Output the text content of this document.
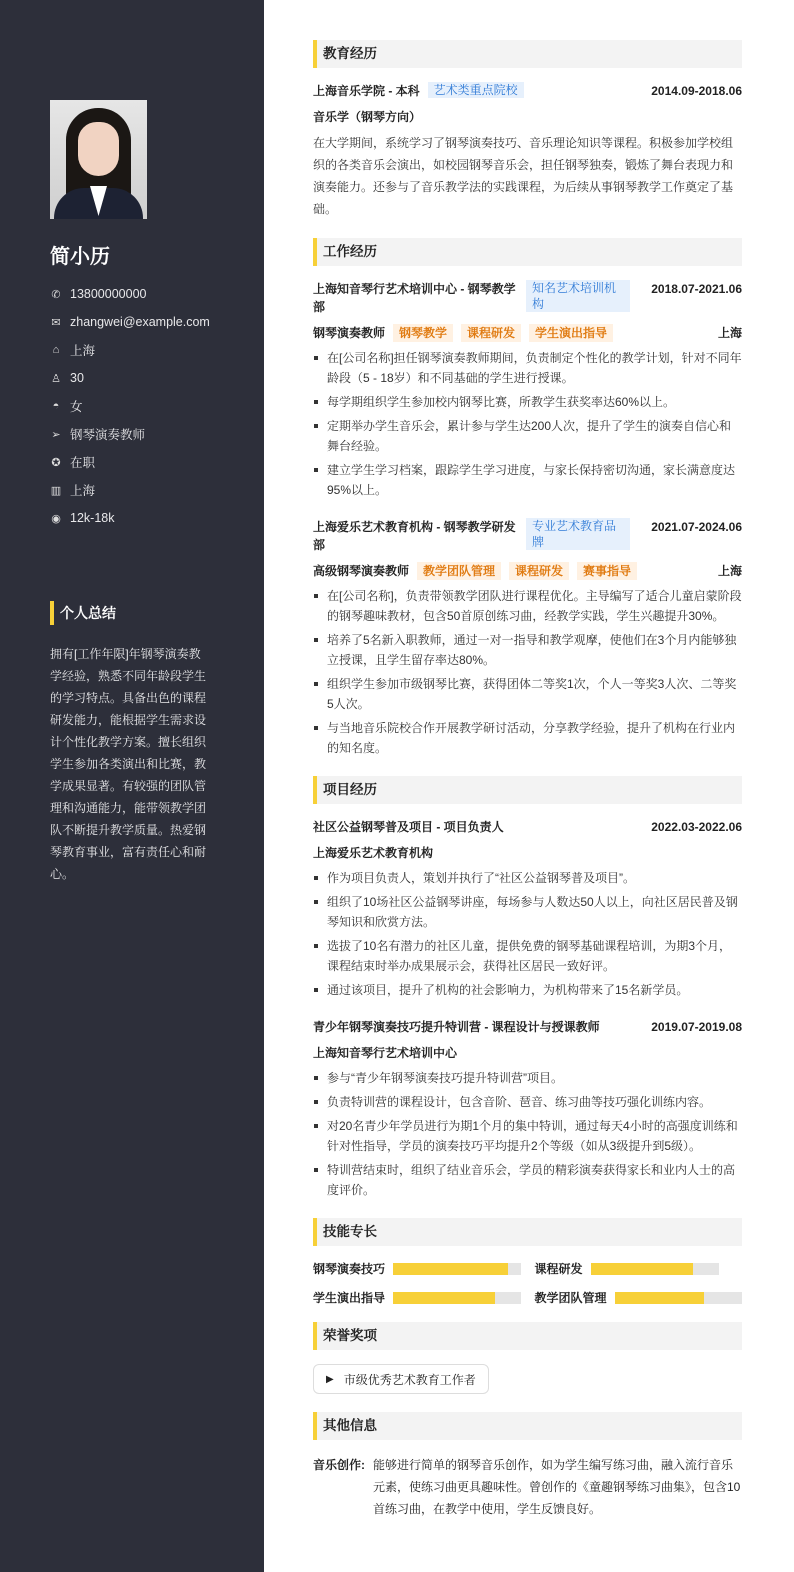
简小历
✆ 13800000000
✉ zhangwei@example.com
⌂ 上海
♙ 30
◓ 女
➢ 钢琴演奏教师
✪ 在职
▥ 上海
◉ 12k-18k
个人总结
拥有[工作年限]年钢琴演奏教学经验，熟悉不同年龄段学生的学习特点。具备出色的课程研发能力，能根据学生需求设计个性化教学方案。擅长组织学生参加各类演出和比赛，教学成果显著。有较强的团队管理和沟通能力，能带领教学团队不断提升教学质量。热爱钢琴教育事业，富有责任心和耐心。
教育经历
上海音乐学院 - 本科	艺术类重点院校	2014.09-2018.06
音乐学（钢琴方向）
在大学期间，系统学习了钢琴演奏技巧、音乐理论知识等课程。积极参加学校组织的各类音乐会演出，如校园钢琴音乐会，担任钢琴独奏，锻炼了舞台表现力和演奏能力。还参与了音乐教学法的实践课程，为后续从事钢琴教学工作奠定了基础。
工作经历
上海知音琴行艺术培训中心 - 钢琴教学部
知名艺术培训机构
2018.07-2021.06
钢琴演奏教师	钢琴教学	课程研发	学生演出指导	上海
在[公司名称]担任钢琴演奏教师期间，负责制定个性化的教学计划，针对不同年龄段（5 - 18岁）和不同基础的学生进行授课。
每学期组织学生参加校内钢琴比赛，所教学生获奖率达60%以上。
定期举办学生音乐会，累计参与学生达200人次，提升了学生的演奏自信心和舞台经验。
建立学生学习档案，跟踪学生学习进度，与家长保持密切沟通，家长满意度达95%以上。
上海爱乐艺术教育机构 - 钢琴教学研发部
专业艺术教育品牌
2021.07-2024.06
高级钢琴演奏教师	教学团队管理	课程研发	赛事指导	上海
在[公司名称]，负责带领教学团队进行课程优化。主导编写了适合儿童启蒙阶段的钢琴趣味教材，包含50首原创练习曲，经教学实践，学生兴趣提升30%。
培养了5名新入职教师，通过一对一指导和教学观摩，使他们在3个月内能够独立授课，且学生留存率达80%。
组织学生参加市级钢琴比赛，获得团体二等奖1次，个人一等奖3人次、二等奖5人次。
与当地音乐院校合作开展教学研讨活动，分享教学经验，提升了机构在行业内的知名度。
项目经历
社区公益钢琴普及项目 - 项目负责人	2022.03-2022.06
上海爱乐艺术教育机构
作为项目负责人，策划并执行了“社区公益钢琴普及项目”。
组织了10场社区公益钢琴讲座，每场参与人数达50人以上，向社区居民普及钢琴知识和欣赏方法。
选拔了10名有潜力的社区儿童，提供免费的钢琴基础课程培训，为期3个月，课程结束时举办成果展示会，获得社区居民一致好评。
通过该项目，提升了机构的社会影响力，为机构带来了15名新学员。
青少年钢琴演奏技巧提升特训营 - 课程设计与授课教师	2019.07-2019.08
上海知音琴行艺术培训中心
参与“青少年钢琴演奏技巧提升特训营”项目。
负责特训营的课程设计，包含音阶、琶音、练习曲等技巧强化训练内容。
对20名青少年学员进行为期1个月的集中特训，通过每天4小时的高强度训练和针对性指导，学员的演奏技巧平均提升2个等级（如从3级提升到5级）。
特训营结束时，组织了结业音乐会，学员的精彩演奏获得家长和业内人士的高度评价。
技能专长
钢琴演奏技巧	课程研发
学生演出指导	教学团队管理
荣誉奖项
▶ 市级优秀艺术教育工作者
其他信息
音乐创作: 能够进行简单的钢琴音乐创作，如为学生编写练习曲，融入流行音乐元素，使练习曲更具趣味性。曾创作的《童趣钢琴练习曲集》，包含10首练习曲，在教学中使用，学生反馈良好。
